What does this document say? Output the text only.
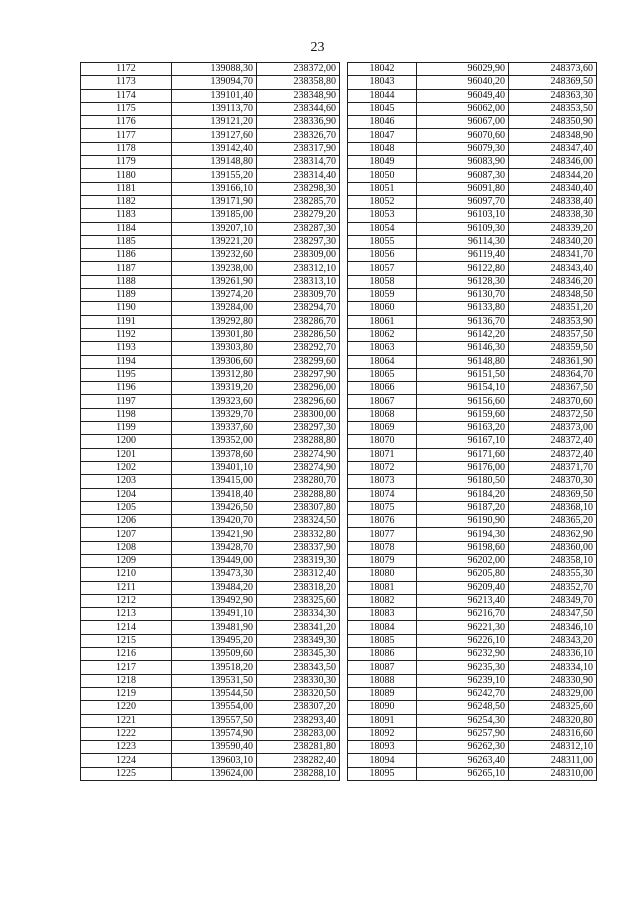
23
1172	139088,30	238372,00		18042	96029,90	248373,60
1173	139094,70	238358,80		18043	96040,20	248369,50
1174	139101,40	238348,90		18044	96049,40	248363,30
1175	139113,70	238344,60		18045	96062,00	248353,50
1176	139121,20	238336,90		18046	96067,00	248350,90
1177	139127,60	238326,70		18047	96070,60	248348,90
1178	139142,40	238317,90		18048	96079,30	248347,40
1179	139148,80	238314,70		18049	96083,90	248346,00
1180	139155,20	238314,40		18050	96087,30	248344,20
1181	139166,10	238298,30		18051	96091,80	248340,40
1182	139171,90	238285,70		18052	96097,70	248338,40
1183	139185,00	238279,20		18053	96103,10	248338,30
1184	139207,10	238287,30		18054	96109,30	248339,20
1185	139221,20	238297,30		18055	96114,30	248340,20
1186	139232,60	238309,00		18056	96119,40	248341,70
1187	139238,00	238312,10		18057	96122,80	248343,40
1188	139261,90	238313,10		18058	96128,30	248346,20
1189	139274,20	238309,70		18059	96130,70	248348,50
1190	139284,00	238294,70		18060	96133,80	248351,20
1191	139292,80	238286,70		18061	96136,70	248353,90
1192	139301,80	238286,50		18062	96142,20	248357,50
1193	139303,80	238292,70		18063	96146,30	248359,50
1194	139306,60	238299,60		18064	96148,80	248361,90
1195	139312,80	238297,90		18065	96151,50	248364,70
1196	139319,20	238296,00		18066	96154,10	248367,50
1197	139323,60	238296,60		18067	96156,60	248370,60
1198	139329,70	238300,00		18068	96159,60	248372,50
1199	139337,60	238297,30		18069	96163,20	248373,00
1200	139352,00	238288,80		18070	96167,10	248372,40
1201	139378,60	238274,90		18071	96171,60	248372,40
1202	139401,10	238274,90		18072	96176,00	248371,70
1203	139415,00	238280,70		18073	96180,50	248370,30
1204	139418,40	238288,80		18074	96184,20	248369,50
1205	139426,50	238307,80		18075	96187,20	248368,10
1206	139420,70	238324,50		18076	96190,90	248365,20
1207	139421,90	238332,80		18077	96194,30	248362,90
1208	139428,70	238337,90		18078	96198,60	248360,00
1209	139449,00	238319,30		18079	96202,00	248358,10
1210	139473,30	238312,40		18080	96205,80	248355,30
1211	139484,20	238318,20		18081	96209,40	248352,70
1212	139492,90	238325,60		18082	96213,40	248349,70
1213	139491,10	238334,30		18083	96216,70	248347,50
1214	139481,90	238341,20		18084	96221,30	248346,10
1215	139495,20	238349,30		18085	96226,10	248343,20
1216	139509,60	238345,30		18086	96232,90	248336,10
1217	139518,20	238343,50		18087	96235,30	248334,10
1218	139531,50	238330,30		18088	96239,10	248330,90
1219	139544,50	238320,50		18089	96242,70	248329,00
1220	139554,00	238307,20		18090	96248,50	248325,60
1221	139557,50	238293,40		18091	96254,30	248320,80
1222	139574,90	238283,00		18092	96257,90	248316,60
1223	139590,40	238281,80		18093	96262,30	248312,10
1224	139603,10	238282,40		18094	96263,40	248311,00
1225	139624,00	238288,10		18095	96265,10	248310,00
